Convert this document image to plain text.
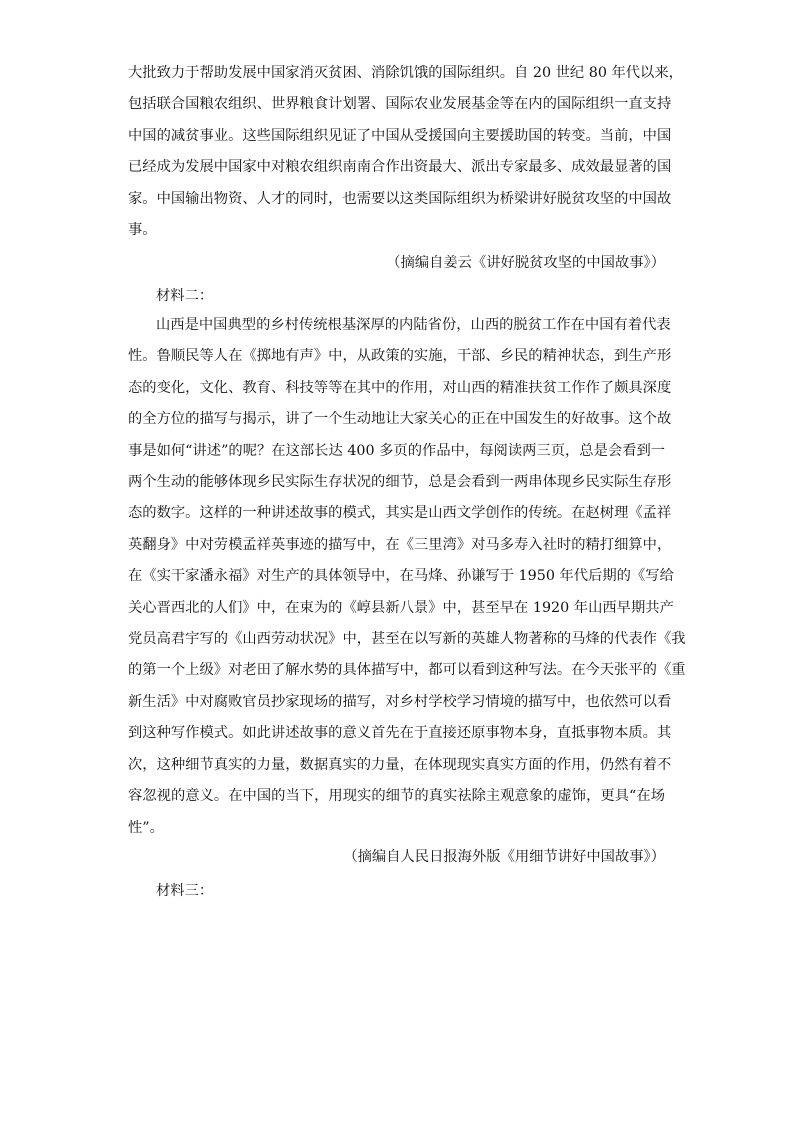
大批致力于帮助发展中国家消灭贫困、消除饥饿的国际组织。自 20 世纪 80 年代以来，
包括联合国粮农组织、世界粮食计划署、国际农业发展基金等在内的国际组织一直支持
中国的减贫事业。这些国际组织见证了中国从受援国向主要援助国的转变。当前，中国
已经成为发展中国家中对粮农组织南南合作出资最大、派出专家最多、成效最显著的国
家。中国输出物资、人才的同时，也需要以这类国际组织为桥梁讲好脱贫攻坚的中国故
事。

（摘编自姜云《讲好脱贫攻坚的中国故事》）

材料二：

山西是中国典型的乡村传统根基深厚的内陆省份，山西的脱贫工作在中国有着代表
性。鲁顺民等人在《掷地有声》中，从政策的实施，干部、乡民的精神状态，到生产形
态的变化，文化、教育、科技等等在其中的作用，对山西的精准扶贫工作作了颇具深度
的全方位的描写与揭示，讲了一个生动地让大家关心的正在中国发生的好故事。这个故
事是如何“讲述”的呢？在这部长达 400 多页的作品中，每阅读两三页，总是会看到一
两个生动的能够体现乡民实际生存状况的细节，总是会看到一两串体现乡民实际生存形
态的数字。这样的一种讲述故事的模式，其实是山西文学创作的传统。在赵树理《孟祥
英翻身》中对劳模孟祥英事迹的描写中，在《三里湾》对马多寿入社时的精打细算中，
在《实干家潘永福》对生产的具体领导中，在马烽、孙谦写于 1950 年代后期的《写给
关心晋西北的人们》中，在束为的《崞县新八景》中，甚至早在 1920 年山西早期共产
党员高君宇写的《山西劳动状况》中，甚至在以写新的英雄人物著称的马烽的代表作《我
的第一个上级》对老田了解水势的具体描写中，都可以看到这种写法。在今天张平的《重
新生活》中对腐败官员抄家现场的描写，对乡村学校学习情境的描写中，也依然可以看
到这种写作模式。如此讲述故事的意义首先在于直接还原事物本身，直抵事物本质。其
次，这种细节真实的力量，数据真实的力量，在体现现实真实方面的作用，仍然有着不
容忽视的意义。在中国的当下，用现实的细节的真实祛除主观意象的虚饰，更具“在场
性”。

（摘编自人民日报海外版《用细节讲好中国故事》）

材料三：
